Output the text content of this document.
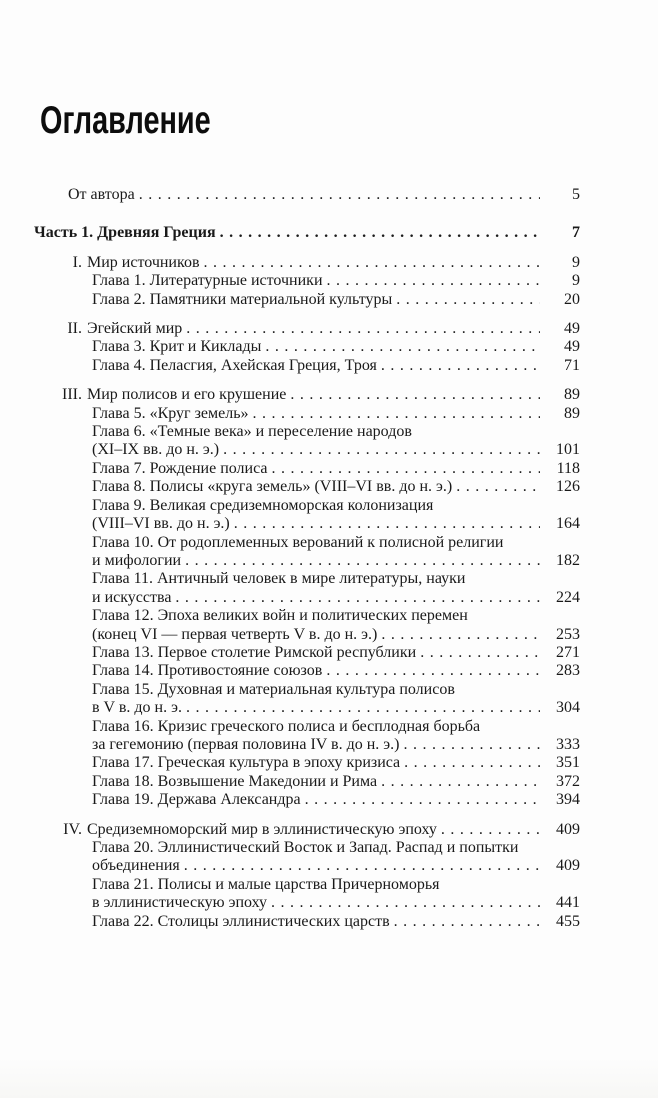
Оглавление
От автора .....	5
Часть 1. Древняя Греция .....	7
I. Мир источников .....	9
Глава 1. Литературные источники .....	9
Глава 2. Памятники материальной культуры .....	20
II. Эгейский мир .....	49
Глава 3. Крит и Киклады .....	49
Глава 4. Пеласгия, Ахейская Греция, Троя .....	71
III. Мир полисов и его крушение .....	89
Глава 5. «Круг земель» .....	89
Глава 6. «Темные века» и переселение народов
(XI–IX вв. до н. э.) .....	101
Глава 7. Рождение полиса .....	118
Глава 8. Полисы «круга земель» (VIII–VI вв. до н. э.) .....	126
Глава 9. Великая средиземноморская колонизация
(VIII–VI вв. до н. э.) .....	164
Глава 10. От родоплеменных верований к полисной религии
и мифологии .....	182
Глава 11. Античный человек в мире литературы, науки
и искусства .....	224
Глава 12. Эпоха великих войн и политических перемен
(конец VI — первая четверть V в. до н. э.) .....	253
Глава 13. Первое столетие Римской республики .....	271
Глава 14. Противостояние союзов .....	283
Глава 15. Духовная и материальная культура полисов
в V в. до н. э. .....	304
Глава 16. Кризис греческого полиса и бесплодная борьба
за гегемонию (первая половина IV в. до н. э.) .....	333
Глава 17. Греческая культура в эпоху кризиса .....	351
Глава 18. Возвышение Македонии и Рима .....	372
Глава 19. Держава Александра .....	394
IV. Средиземноморский мир в эллинистическую эпоху .....	409
Глава 20. Эллинистический Восток и Запад. Распад и попытки
объединения .....	409
Глава 21. Полисы и малые царства Причерноморья
в эллинистическую эпоху .....	441
Глава 22. Столицы эллинистических царств .....	455
